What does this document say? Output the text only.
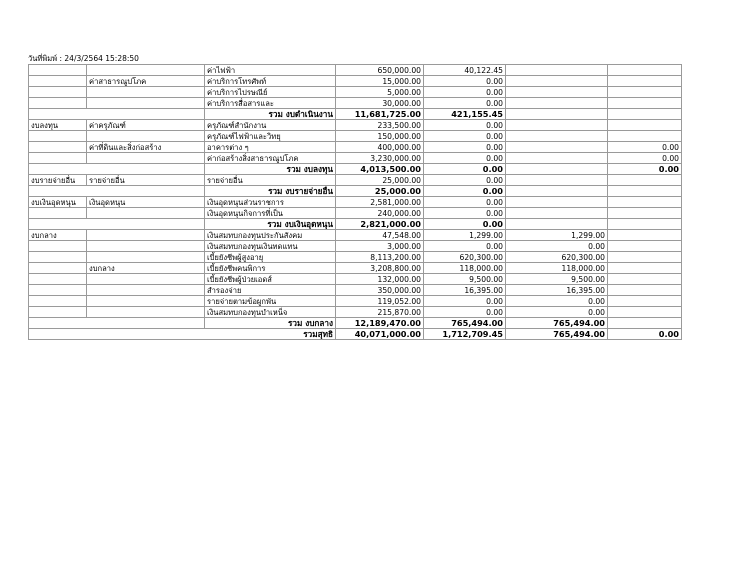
วันที่พิมพ์ : 24/3/2564 15:28:50
		ค่าไฟฟ้า	650,000.00	40,122.45		
	ค่าสาธารณูปโภค	ค่าบริการโทรศัพท์	15,000.00	0.00		
		ค่าบริการไปรษณีย์	5,000.00	0.00		
		ค่าบริการสื่อสารและ	30,000.00	0.00		
		รวม งบดำเนินงาน	11,681,725.00	421,155.45		
งบลงทุน	ค่าครุภัณฑ์	ครุภัณฑ์สำนักงาน	233,500.00	0.00		
		ครุภัณฑ์ไฟฟ้าและวิทยุ	150,000.00	0.00		
	ค่าที่ดินและสิ่งก่อสร้าง	อาคารต่าง ๆ	400,000.00	0.00		0.00
		ค่าก่อสร้างสิ่งสาธารณูปโภค	3,230,000.00	0.00		0.00
		รวม งบลงทุน	4,013,500.00	0.00		0.00
งบรายจ่ายอื่น	รายจ่ายอื่น	รายจ่ายอื่น	25,000.00	0.00		
		รวม งบรายจ่ายอื่น	25,000.00	0.00		
งบเงินอุดหนุน	เงินอุดหนุน	เงินอุดหนุนส่วนราชการ	2,581,000.00	0.00		
		เงินอุดหนุนกิจการที่เป็น	240,000.00	0.00		
		รวม งบเงินอุดหนุน	2,821,000.00	0.00		
งบกลาง		เงินสมทบกองทุนประกันสังคม	47,548.00	1,299.00	1,299.00	
		เงินสมทบกองทุนเงินทดแทน	3,000.00	0.00	0.00	
		เบี้ยยังชีพผู้สูงอายุ	8,113,200.00	620,300.00	620,300.00	
	งบกลาง	เบี้ยยังชีพคนพิการ	3,208,800.00	118,000.00	118,000.00	
		เบี้ยยังชีพผู้ป่วยเอดส์	132,000.00	9,500.00	9,500.00	
		สำรองจ่าย	350,000.00	16,395.00	16,395.00	
		รายจ่ายตามข้อผูกพัน	119,052.00	0.00	0.00	
		เงินสมทบกองทุนบำเหน็จ	215,870.00	0.00	0.00	
		รวม งบกลาง	12,189,470.00	765,494.00	765,494.00	
รวมสุทธิ			40,071,000.00	1,712,709.45	765,494.00	0.00
